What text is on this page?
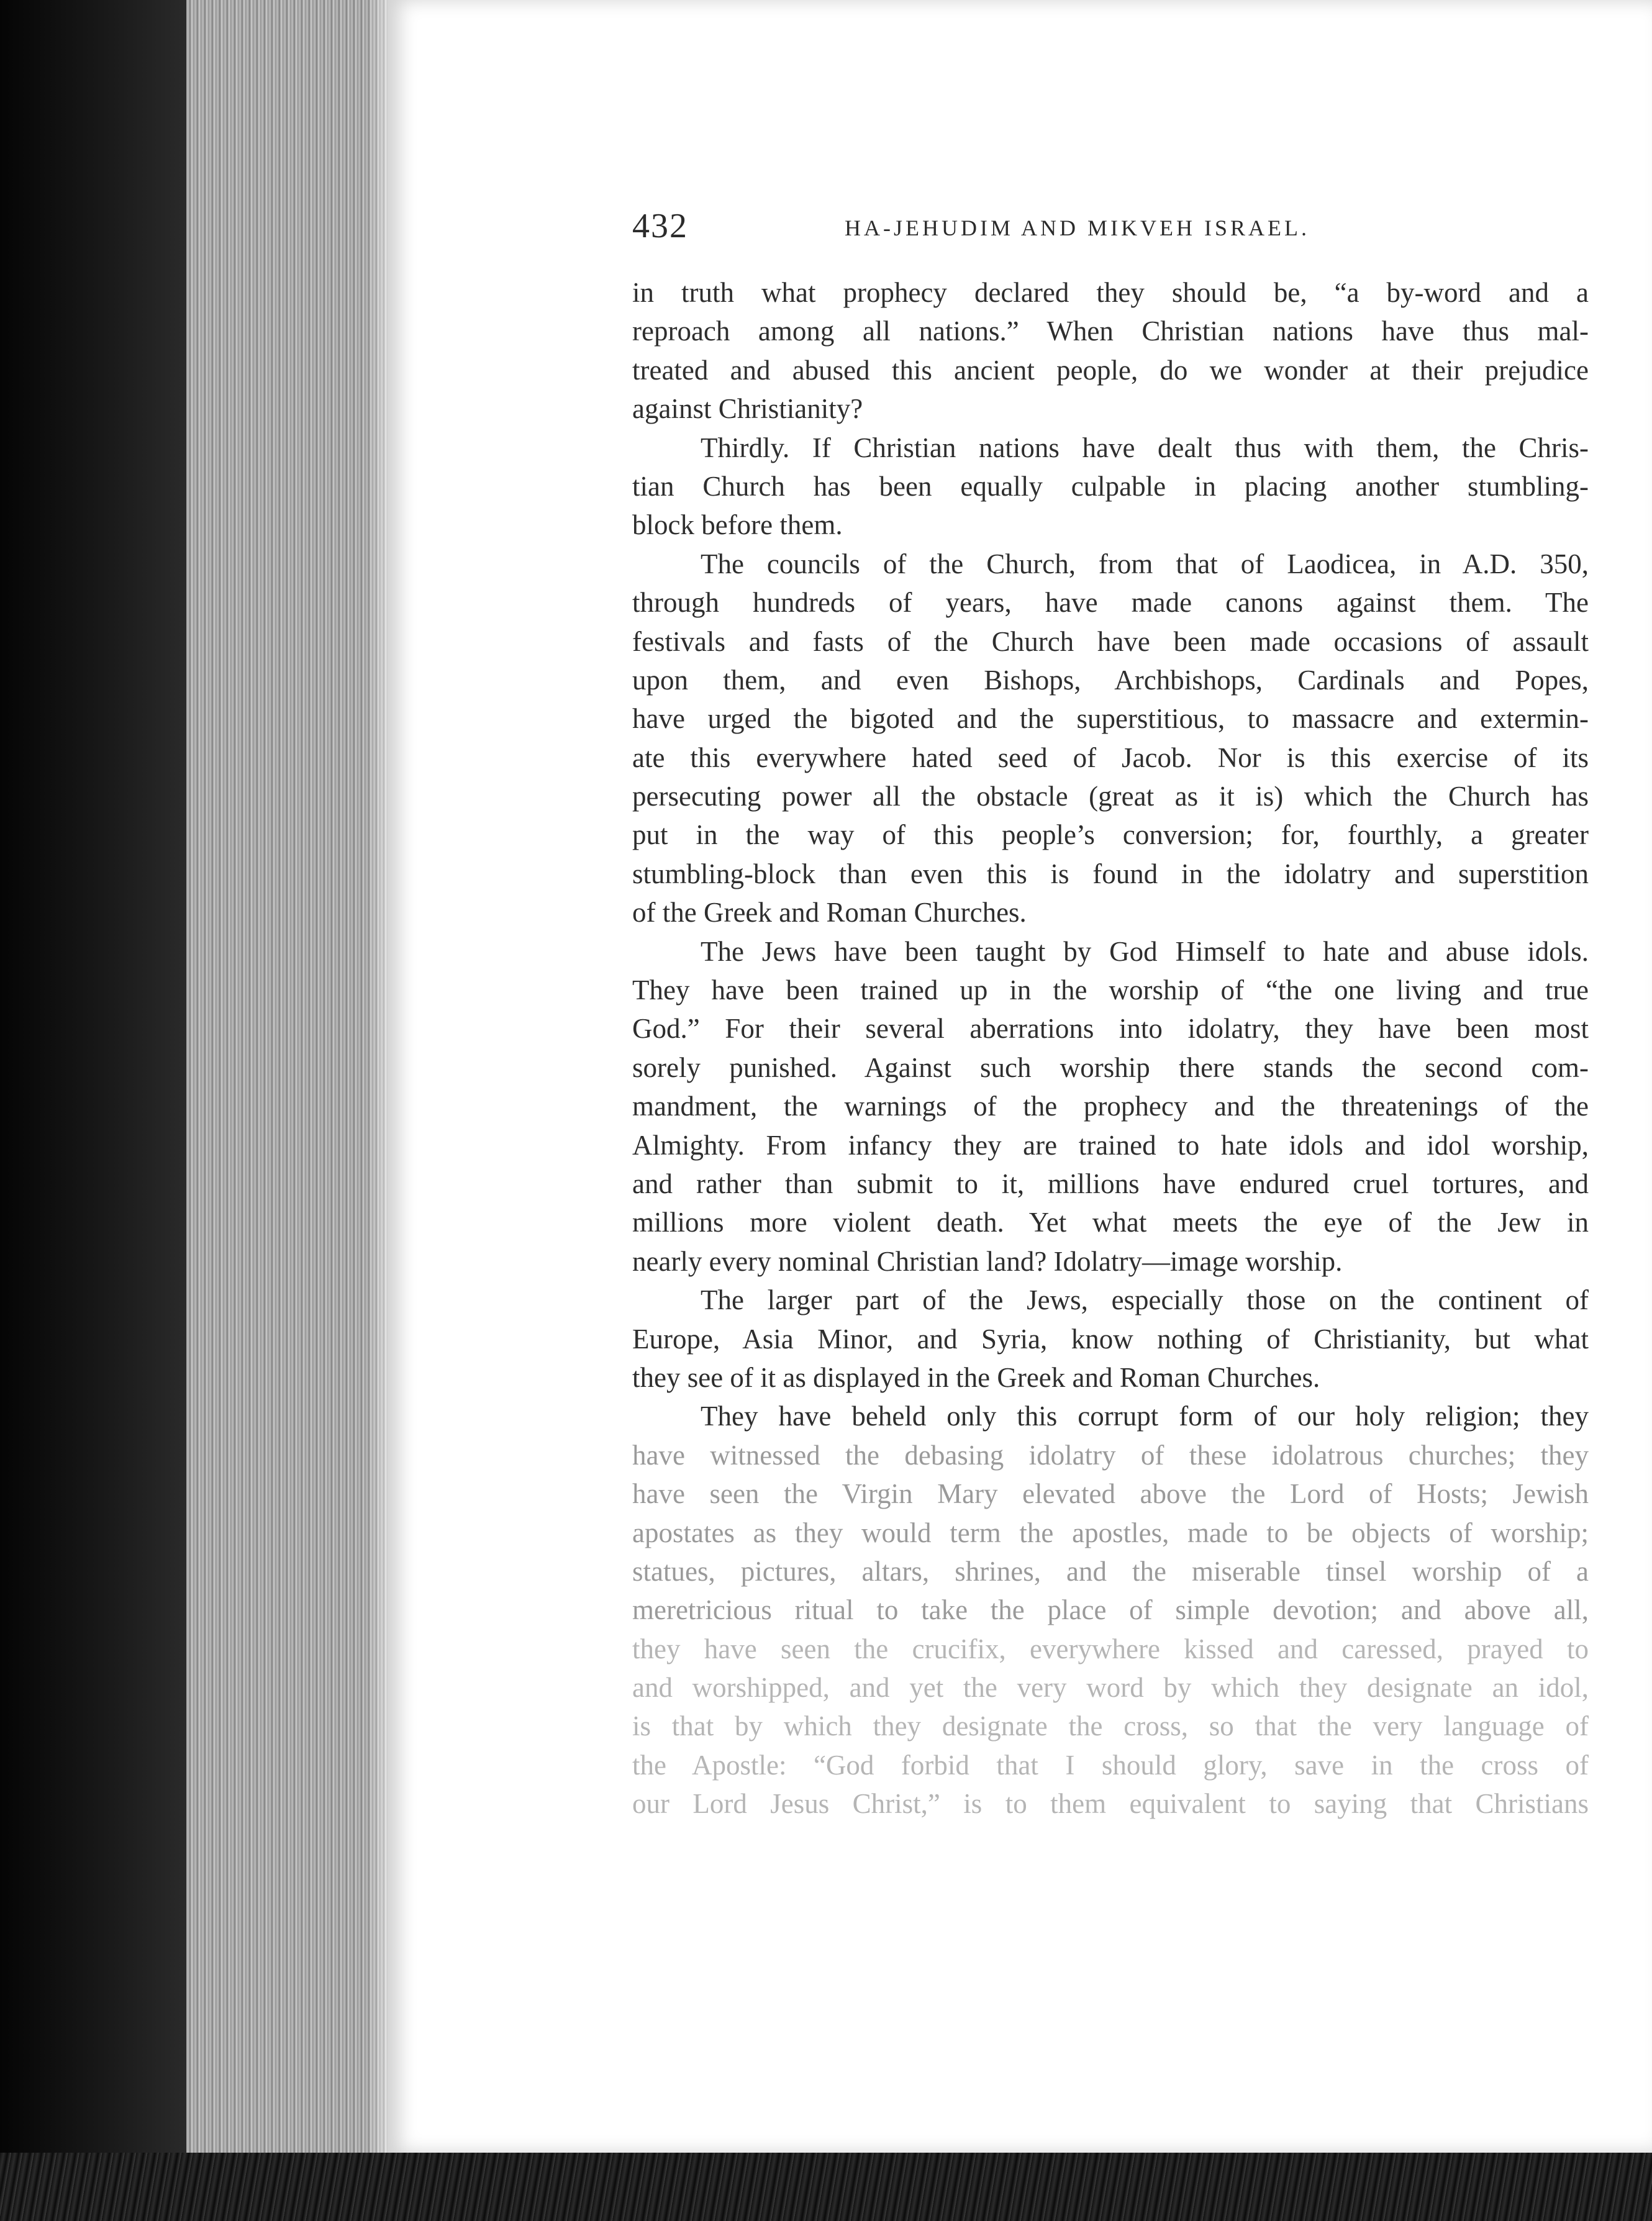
432	HA-JEHUDIM AND MIKVEH ISRAEL.
in truth what prophecy declared they should be, “a by-word and a
reproach among all nations.” When Christian nations have thus mal-
treated and abused this ancient people, do we wonder at their prejudice
against Christianity?
Thirdly. If Christian nations have dealt thus with them, the Chris-
tian Church has been equally culpable in placing another stumbling-
block before them.
The councils of the Church, from that of Laodicea, in A.D. 350,
through hundreds of years, have made canons against them. The
festivals and fasts of the Church have been made occasions of assault
upon them, and even Bishops, Archbishops, Cardinals and Popes,
have urged the bigoted and the superstitious, to massacre and extermin-
ate this everywhere hated seed of Jacob. Nor is this exercise of its
persecuting power all the obstacle (great as it is) which the Church has
put in the way of this people’s conversion; for, fourthly, a greater
stumbling-block than even this is found in the idolatry and superstition
of the Greek and Roman Churches.
The Jews have been taught by God Himself to hate and abuse idols.
They have been trained up in the worship of “the one living and true
God.” For their several aberrations into idolatry, they have been most
sorely punished. Against such worship there stands the second com-
mandment, the warnings of the prophecy and the threatenings of the
Almighty. From infancy they are trained to hate idols and idol worship,
and rather than submit to it, millions have endured cruel tortures, and
millions more violent death. Yet what meets the eye of the Jew in
nearly every nominal Christian land? Idolatry—image worship.
The larger part of the Jews, especially those on the continent of
Europe, Asia Minor, and Syria, know nothing of Christianity, but what
they see of it as displayed in the Greek and Roman Churches.
They have beheld only this corrupt form of our holy religion; they
have witnessed the debasing idolatry of these idolatrous churches; they
have seen the Virgin Mary elevated above the Lord of Hosts; Jewish
apostates as they would term the apostles, made to be objects of worship;
statues, pictures, altars, shrines, and the miserable tinsel worship of a
meretricious ritual to take the place of simple devotion; and above all,
they have seen the crucifix, everywhere kissed and caressed, prayed to
and worshipped, and yet the very word by which they designate an idol,
is that by which they designate the cross, so that the very language of
the Apostle: “God forbid that I should glory, save in the cross of
our Lord Jesus Christ,” is to them equivalent to saying that Christians
